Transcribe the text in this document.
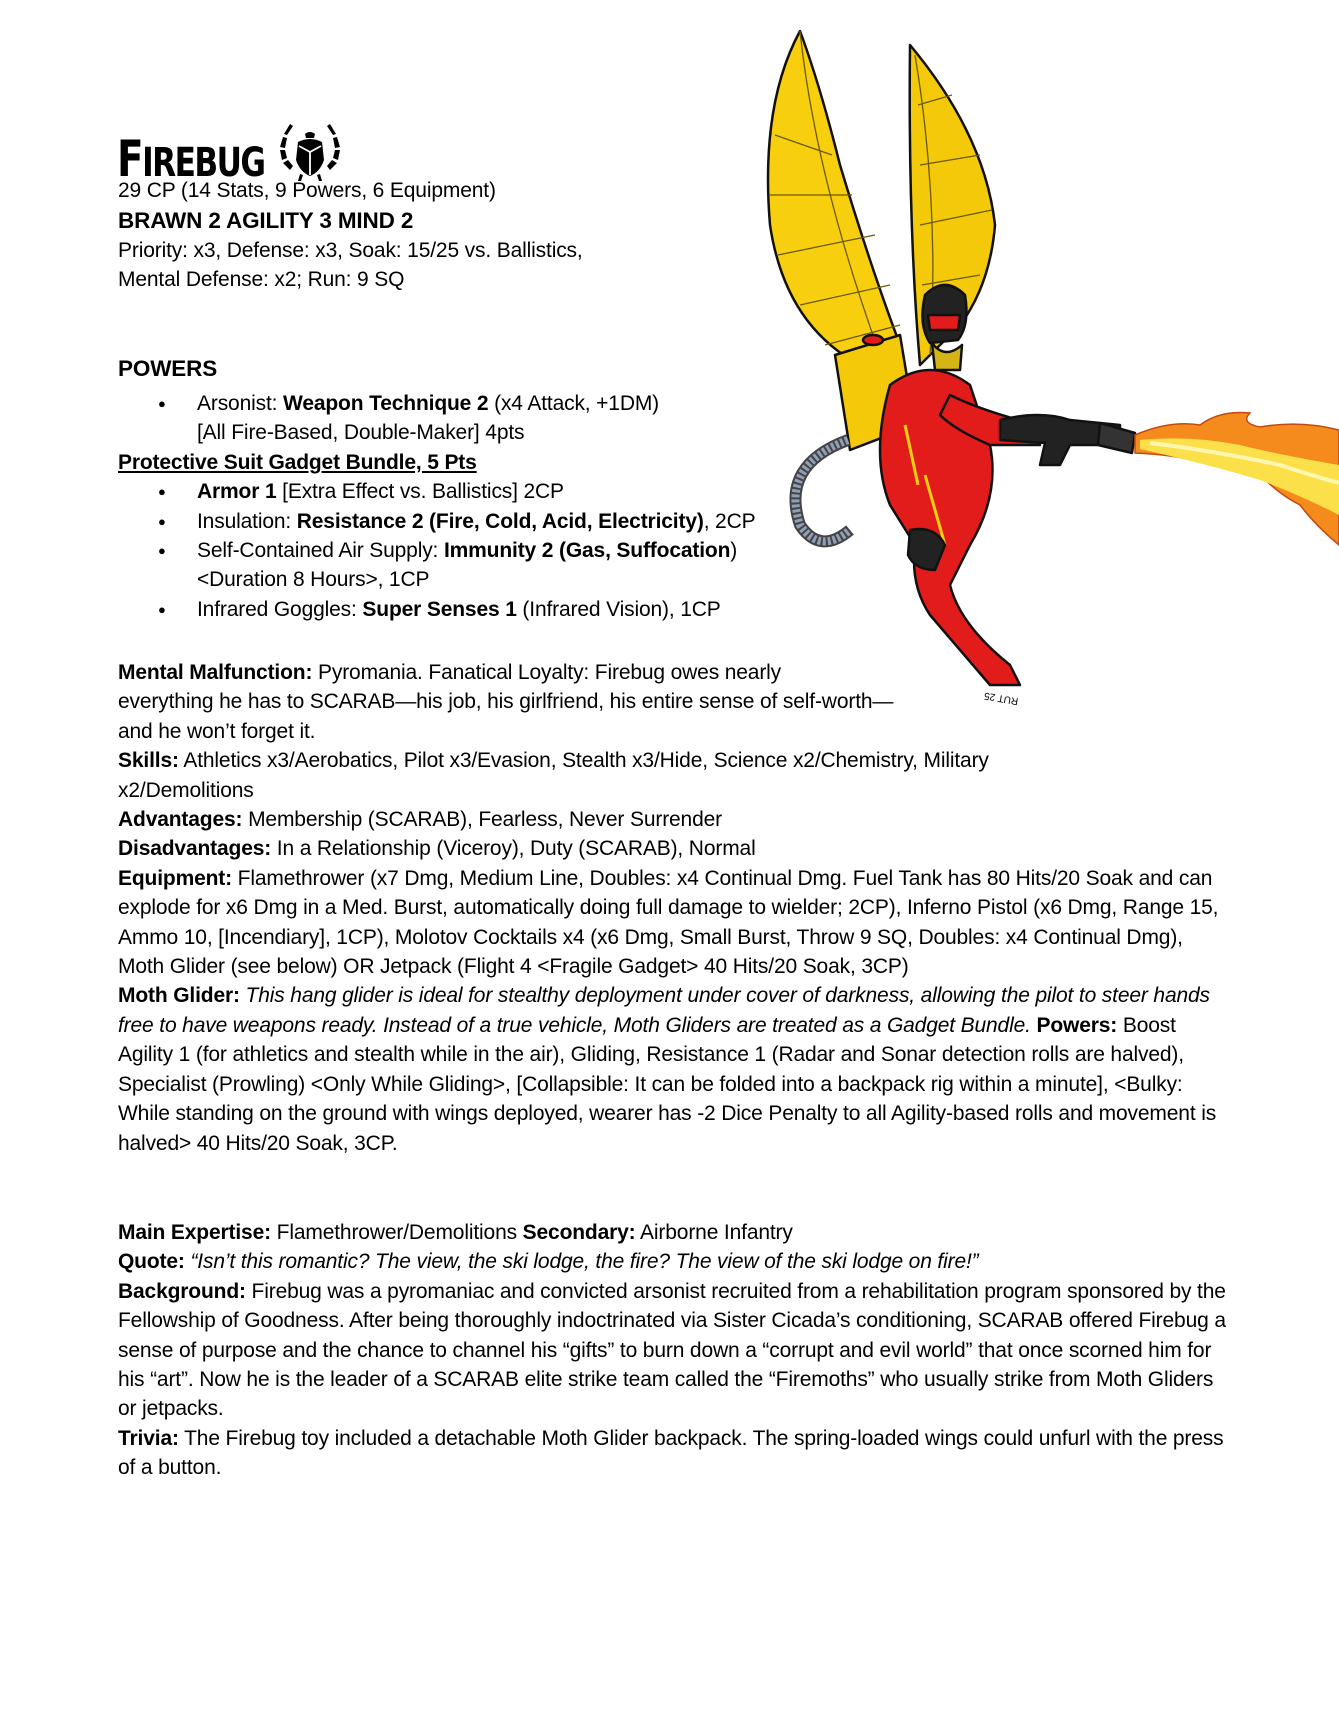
FIREBUG
29 CP (14 Stats, 9 Powers, 6 Equipment)
BRAWN 2 AGILITY 3 MIND 2
Priority: x3, Defense: x3, Soak: 15/25 vs. Ballistics,
Mental Defense: x2; Run: 9 SQ
POWERS
● Arsonist: Weapon Technique 2 (x4 Attack, +1DM)
[All Fire-Based, Double-Maker] 4pts
Protective Suit Gadget Bundle, 5 Pts
● Armor 1 [Extra Effect vs. Ballistics] 2CP
● Insulation: Resistance 2 (Fire, Cold, Acid, Electricity), 2CP
● Self-Contained Air Supply: Immunity 2 (Gas, Suffocation)
<Duration 8 Hours>, 1CP
● Infrared Goggles: Super Senses 1 (Infrared Vision), 1CP
Mental Malfunction: Pyromania. Fanatical Loyalty: Firebug owes nearly
everything he has to SCARAB—his job, his girlfriend, his entire sense of self-worth—
and he won’t forget it.
Skills: Athletics x3/Aerobatics, Pilot x3/Evasion, Stealth x3/Hide, Science x2/Chemistry, Military x2/Demolitions
Advantages: Membership (SCARAB), Fearless, Never Surrender
Disadvantages: In a Relationship (Viceroy), Duty (SCARAB), Normal
Equipment: Flamethrower (x7 Dmg, Medium Line, Doubles: x4 Continual Dmg. Fuel Tank has 80 Hits/20 Soak and can explode for x6 Dmg in a Med. Burst, automatically doing full damage to wielder; 2CP), Inferno Pistol (x6 Dmg, Range 15, Ammo 10, [Incendiary], 1CP), Molotov Cocktails x4 (x6 Dmg, Small Burst, Throw 9 SQ, Doubles: x4 Continual Dmg), Moth Glider (see below) OR Jetpack (Flight 4 <Fragile Gadget> 40 Hits/20 Soak, 3CP)
Moth Glider: This hang glider is ideal for stealthy deployment under cover of darkness, allowing the pilot to steer hands free to have weapons ready. Instead of a true vehicle, Moth Gliders are treated as a Gadget Bundle. Powers: Boost Agility 1 (for athletics and stealth while in the air), Gliding, Resistance 1 (Radar and Sonar detection rolls are halved), Specialist (Prowling) <Only While Gliding>, [Collapsible: It can be folded into a backpack rig within a minute], <Bulky: While standing on the ground with wings deployed, wearer has -2 Dice Penalty to all Agility-based rolls and movement is halved> 40 Hits/20 Soak, 3CP.
Main Expertise: Flamethrower/Demolitions Secondary: Airborne Infantry
Quote: “Isn’t this romantic? The view, the ski lodge, the fire? The view of the ski lodge on fire!”
Background: Firebug was a pyromaniac and convicted arsonist recruited from a rehabilitation program sponsored by the Fellowship of Goodness. After being thoroughly indoctrinated via Sister Cicada’s conditioning, SCARAB offered Firebug a sense of purpose and the chance to channel his “gifts” to burn down a “corrupt and evil world” that once scorned him for his “art”. Now he is the leader of a SCARAB elite strike team called the “Firemoths” who usually strike from Moth Gliders or jetpacks.
Trivia: The Firebug toy included a detachable Moth Glider backpack. The spring-loaded wings could unfurl with the press of a button.
RUT 25
